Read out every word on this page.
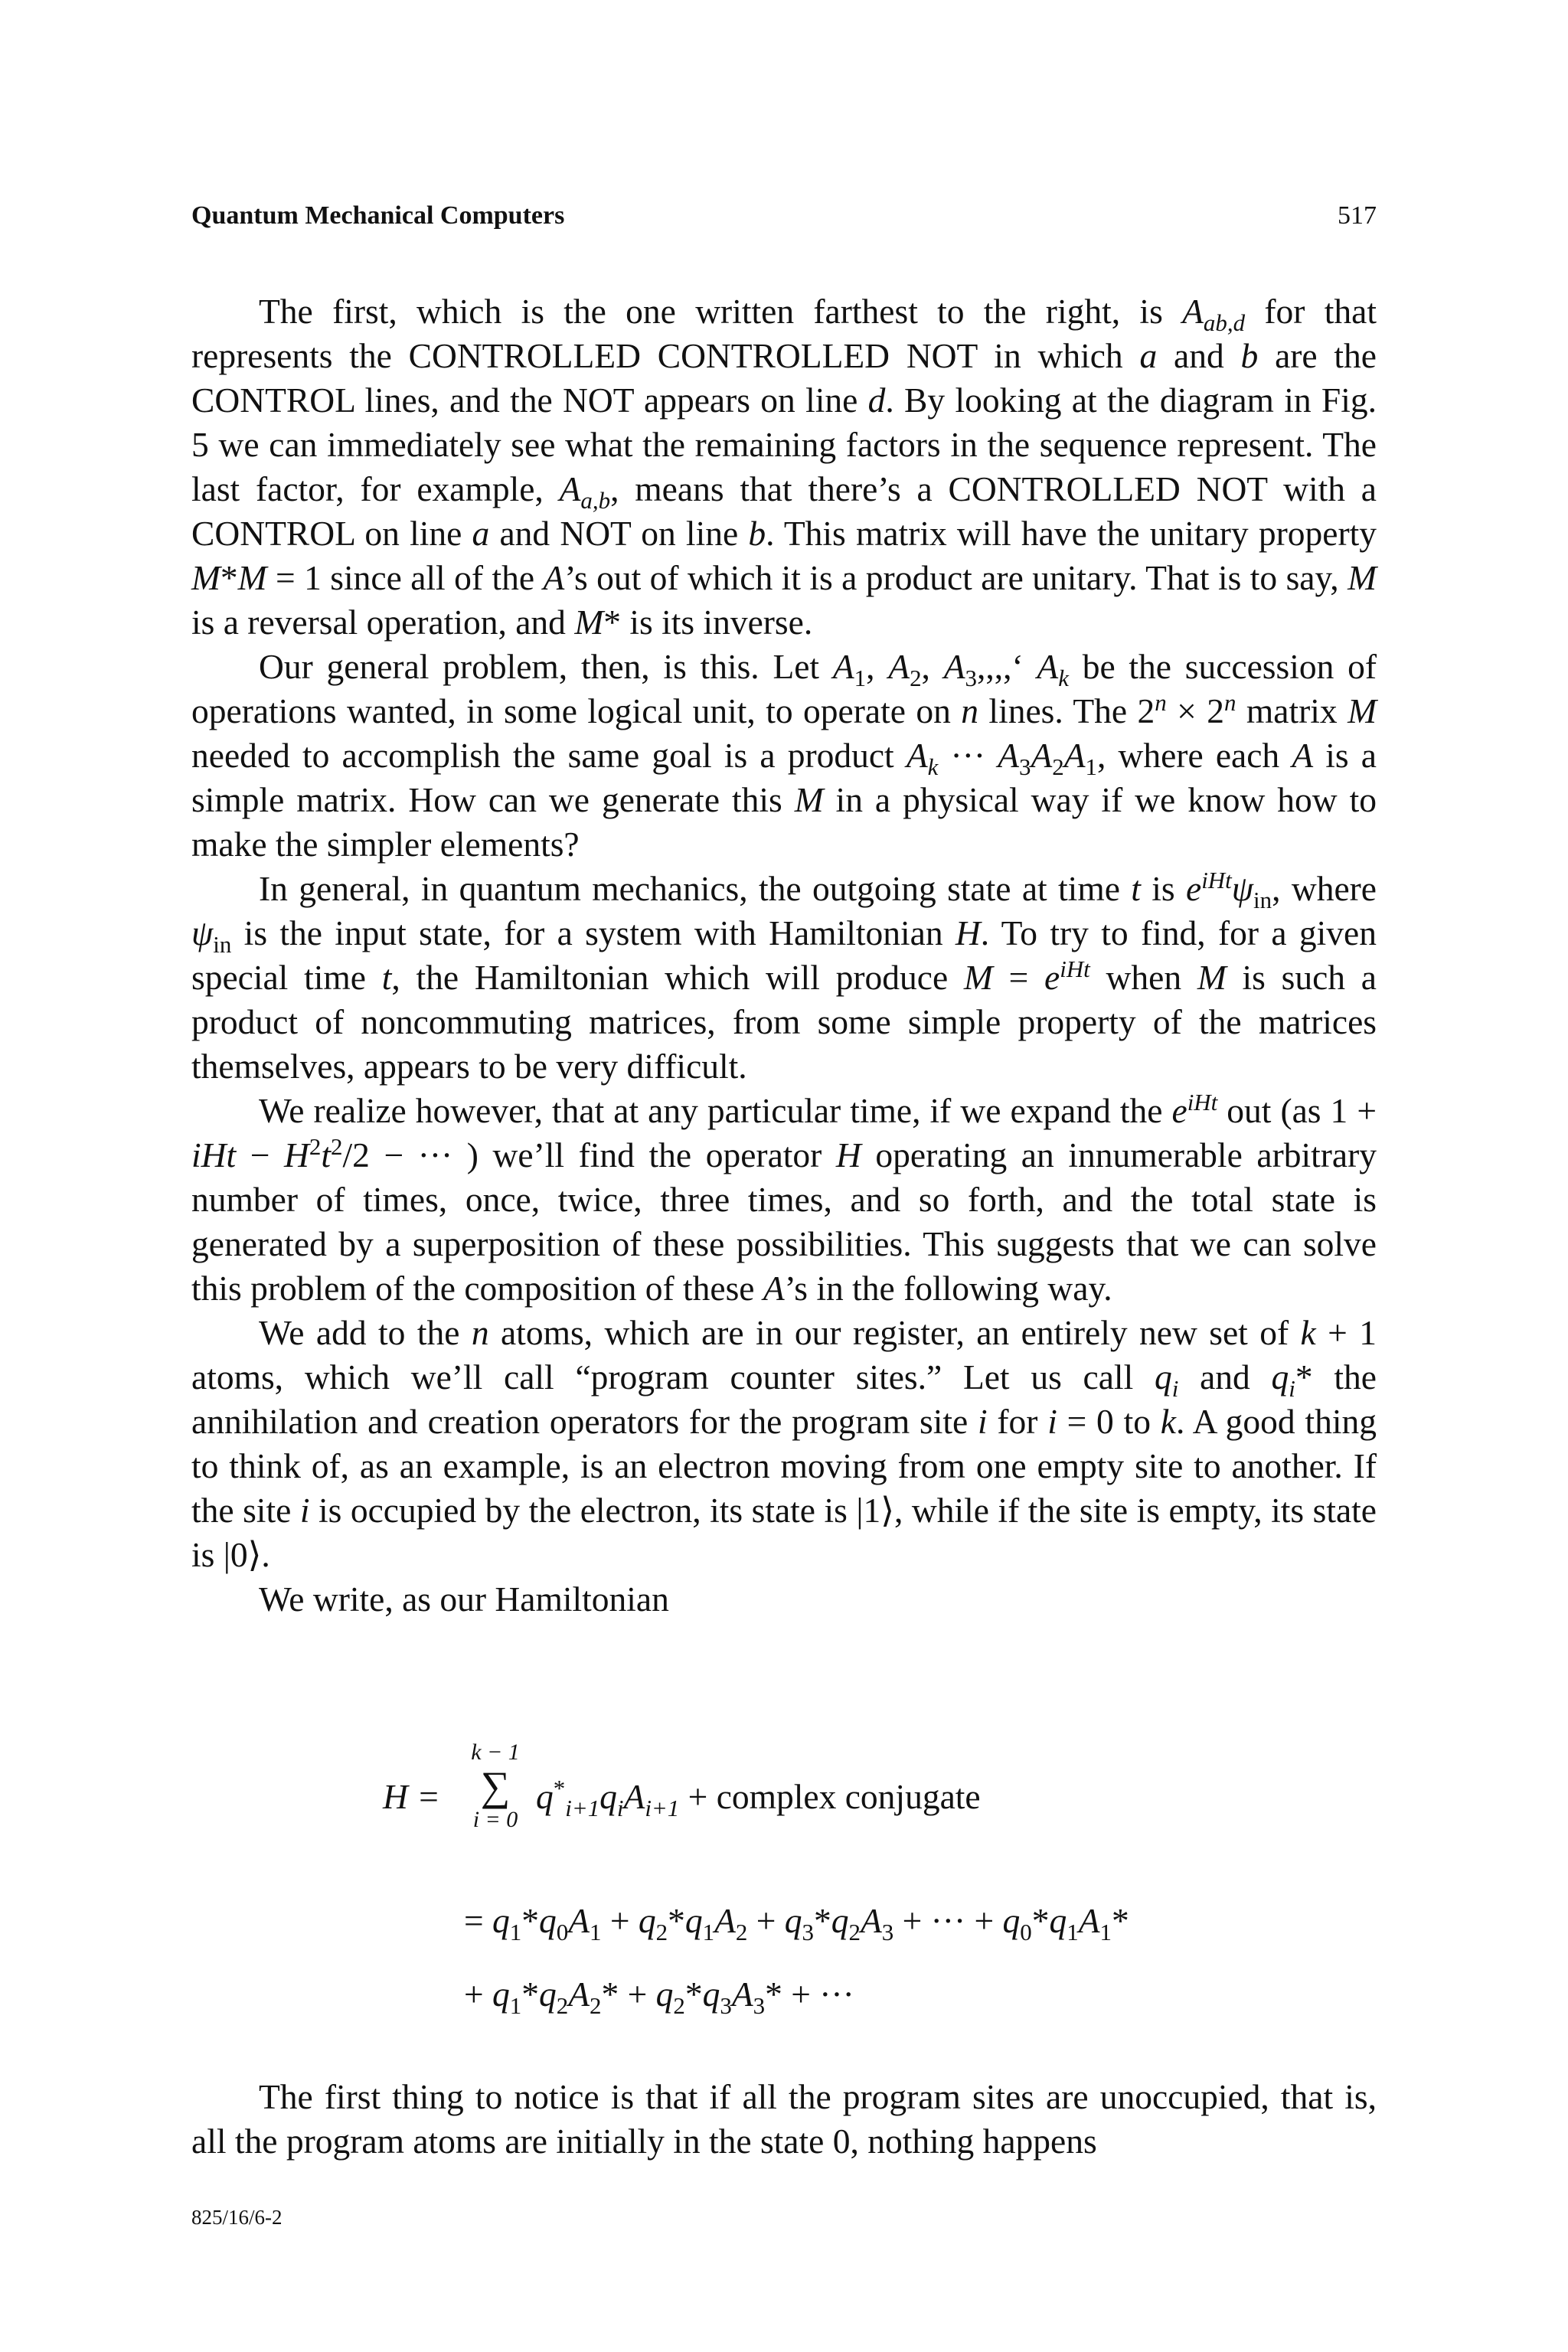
Quantum Mechanical Computers	517

The first, which is the one written farthest to the right, is $A_{ab,d}$ for that represents the CONTROLLED CONTROLLED NOT in which a and b are the CONTROL lines, and the NOT appears on line d. By looking at the diagram in Fig. 5 we can immediately see what the remaining factors in the sequence represent. The last factor, for example, $A_{a,b}$, means that there’s a CONTROLLED NOT with a CONTROL on line a and NOT on line b. This matrix will have the unitary property M*M = 1 since all of the A’s out of which it is a product are unitary. That is to say, M is a reversal operation, and M* is its inverse.

Our general problem, then, is this. Let $A_1$, $A_2$, $A_3,,,,‘$ $A_k$ be the succession of operations wanted, in some logical unit, to operate on n lines. The $2^n \times 2^n$ matrix M needed to accomplish the same goal is a product $A_k$ ··· $A_3A_2A_1$, where each A is a simple matrix. How can we generate this M in a physical way if we know how to make the simpler elements?

In general, in quantum mechanics, the outgoing state at time t is $e^{iHt}\psi_{in}$, where $\psi_{in}$ is the input state, for a system with Hamiltonian H. To try to find, for a given special time t, the Hamiltonian which will produce $M = e^{iHt}$ when M is such a product of noncommuting matrices, from some simple property of the matrices themselves, appears to be very difficult.

We realize however, that at any particular time, if we expand the $e^{iHt}$ out (as 1 + iHt − $H^2t^2/2$ − ··· ) we’ll find the operator H operating an innumerable arbitrary number of times, once, twice, three times, and so forth, and the total state is generated by a superposition of these possibilities. This suggests that we can solve this problem of the composition of these A’s in the following way.

We add to the n atoms, which are in our register, an entirely new set of k + 1 atoms, which we’ll call “program counter sites.” Let us call $q_i$ and $q_i*$ the annihilation and creation operators for the program site i for i = 0 to k. A good thing to think of, as an example, is an electron moving from one empty site to another. If the site i is occupied by the electron, its state is |1⟩, while if the site is empty, its state is |0⟩.

We write, as our Hamiltonian

H =
k − 1
∑
i = 0
$q^*_{i+1}q_iA_{i+1}$ + complex conjugate
= $q_1*q_0A_1 + q_2*q_1A_2 + q_3*q_2A_3$ + ··· + $q_0*q_1A_1*$
+ $q_1*q_2A_2* + q_2*q_3A_3*$ + ···

The first thing to notice is that if all the program sites are unoccupied, that is, all the program atoms are initially in the state 0, nothing happens

825/16/6-2
